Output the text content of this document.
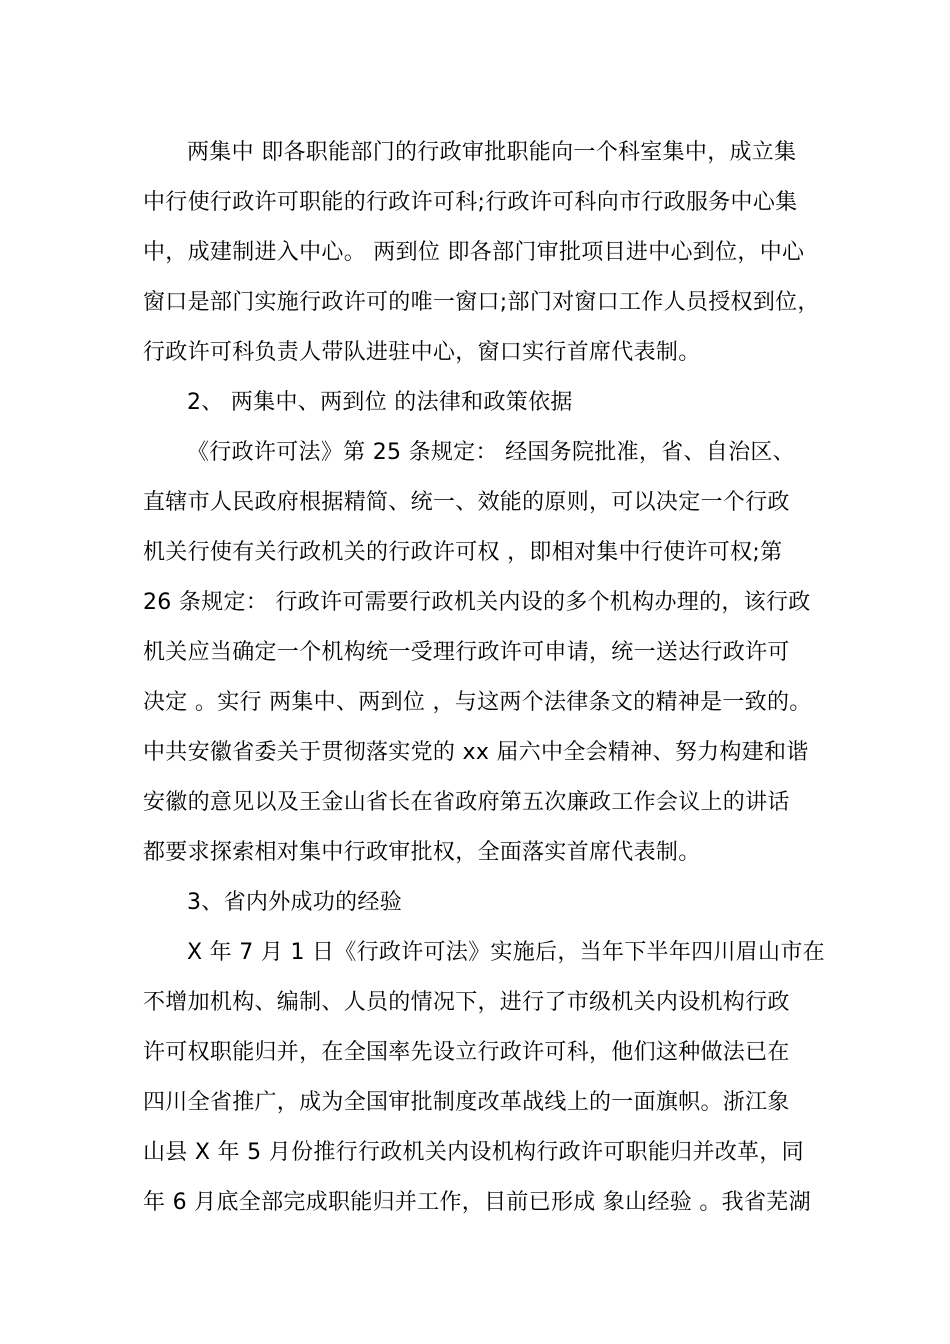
两集中 即各职能部门的行政审批职能向一个科室集中，成立集
中行使行政许可职能的行政许可科;行政许可科向市行政服务中心集
中，成建制进入中心。 两到位 即各部门审批项目进中心到位，中心
窗口是部门实施行政许可的唯一窗口;部门对窗口工作人员授权到位，
行政许可科负责人带队进驻中心，窗口实行首席代表制。
2、 两集中、两到位 的法律和政策依据
《行政许可法》第 25 条规定： 经国务院批准，省、自治区、
直辖市人民政府根据精简、统一、效能的原则，可以决定一个行政
机关行使有关行政机关的行政许可权 ，即相对集中行使许可权;第
26 条规定： 行政许可需要行政机关内设的多个机构办理的，该行政
机关应当确定一个机构统一受理行政许可申请，统一送达行政许可
决定 。实行 两集中、两到位 ，与这两个法律条文的精神是一致的。
中共安徽省委关于贯彻落实党的 xx 届六中全会精神、努力构建和谐
安徽的意见以及王金山省长在省政府第五次廉政工作会议上的讲话
都要求探索相对集中行政审批权，全面落实首席代表制。
3、省内外成功的经验
X 年 7 月 1 日《行政许可法》实施后，当年下半年四川眉山市在
不增加机构、编制、人员的情况下，进行了市级机关内设机构行政
许可权职能归并，在全国率先设立行政许可科，他们这种做法已在
四川全省推广，成为全国审批制度改革战线上的一面旗帜。浙江象
山县 X 年 5 月份推行行政机关内设机构行政许可职能归并改革，同
年 6 月底全部完成职能归并工作，目前已形成 象山经验 。我省芜湖
